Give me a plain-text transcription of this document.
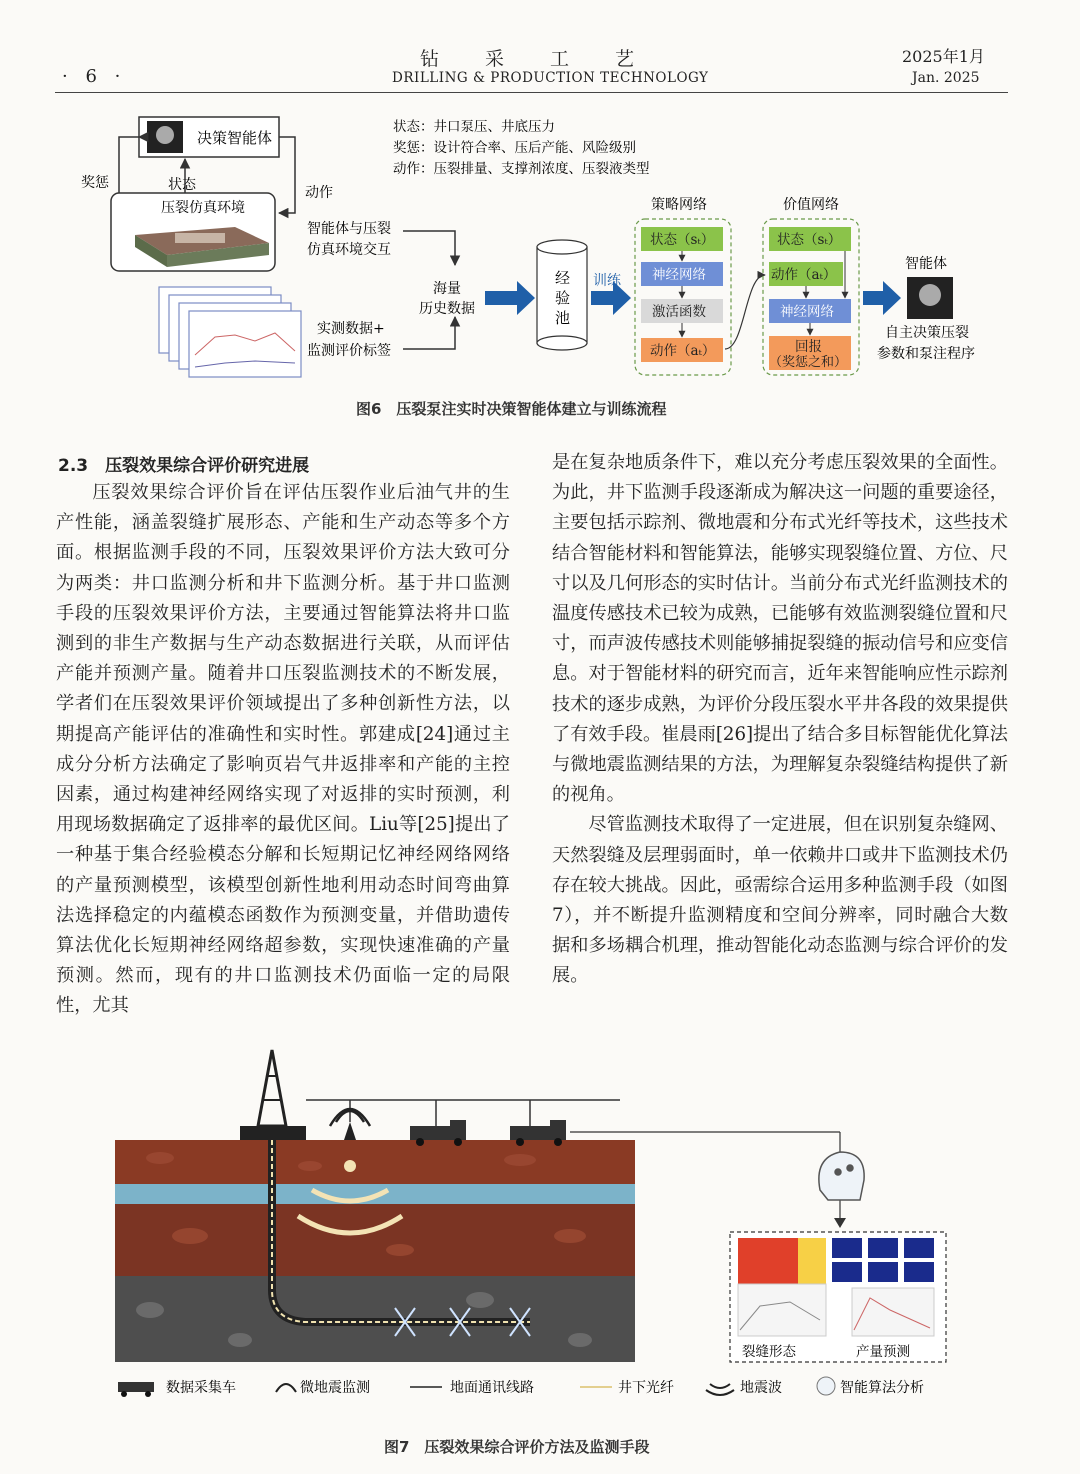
· 6 ·
钻采工艺
DRILLING & PRODUCTION TECHNOLOGY
2025年1月
Jan. 2025
决策智能体
奖惩	状态	动作
压裂仿真环境
状态：井口泵压、井底压力
奖惩：设计符合率、压后产能、风险级别
动作：压裂排量、支撑剂浓度、压裂液类型
智能体与压裂
仿真环境交互
实测数据+
监测评价标签
海量
历史数据
经
验
池
训练
策略网络
状态（sₜ）
神经网络
激活函数
动作（aₜ）
价值网络
状态（sₜ）
动作（aₜ）
神经网络
回报
（奖惩之和）
智能体
自主决策压裂
参数和泵注程序
图6　压裂泵注实时决策智能体建立与训练流程
2.3　压裂效果综合评价研究进展

压裂效果综合评价旨在评估压裂作业后油气井的生产性能，涵盖裂缝扩展形态、产能和生产动态等多个方面。根据监测手段的不同，压裂效果评价方法大致可分为两类：井口监测分析和井下监测分析。基于井口监测手段的压裂效果评价方法，主要通过智能算法将井口监测到的非生产数据与生产动态数据进行关联，从而评估产能并预测产量。随着井口压裂监测技术的不断发展，学者们在压裂效果评价领域提出了多种创新性方法，以期提高产能评估的准确性和实时性。郭建成[24]通过主成分分析方法确定了影响页岩气井返排率和产能的主控因素，通过构建神经网络实现了对返排的实时预测，利用现场数据确定了返排率的最优区间。Liu等[25]提出了一种基于集合经验模态分解和长短期记忆神经网络网络的产量预测模型，该模型创新性地利用动态时间弯曲算法选择稳定的内蕴模态函数作为预测变量，并借助遗传算法优化长短期神经网络超参数，实现快速准确的产量预测。然而，现有的井口监测技术仍面临一定的局限性，尤其

是在复杂地质条件下，难以充分考虑压裂效果的全面性。为此，井下监测手段逐渐成为解决这一问题的重要途径，主要包括示踪剂、微地震和分布式光纤等技术，这些技术结合智能材料和智能算法，能够实现裂缝位置、方位、尺寸以及几何形态的实时估计。当前分布式光纤监测技术的温度传感技术已较为成熟，已能够有效监测裂缝位置和尺寸，而声波传感技术则能够捕捉裂缝的振动信号和应变信息。对于智能材料的研究而言，近年来智能响应性示踪剂技术的逐步成熟，为评价分段压裂水平井各段的效果提供了有效手段。崔晨雨[26]提出了结合多目标智能优化算法与微地震监测结果的方法，为理解复杂裂缝结构提供了新的视角。

尽管监测技术取得了一定进展，但在识别复杂缝网、天然裂缝及层理弱面时，单一依赖井口或井下监测技术仍存在较大挑战。因此，亟需综合运用多种监测手段（如图7），并不断提升监测精度和空间分辨率，同时融合大数据和多场耦合机理，推动智能化动态监测与综合评价的发展。

裂缝形态	产量预测
数据采集车	微地震监测	地面通讯线路	井下光纤	地震波	智能算法分析
图7　压裂效果综合评价方法及监测手段
